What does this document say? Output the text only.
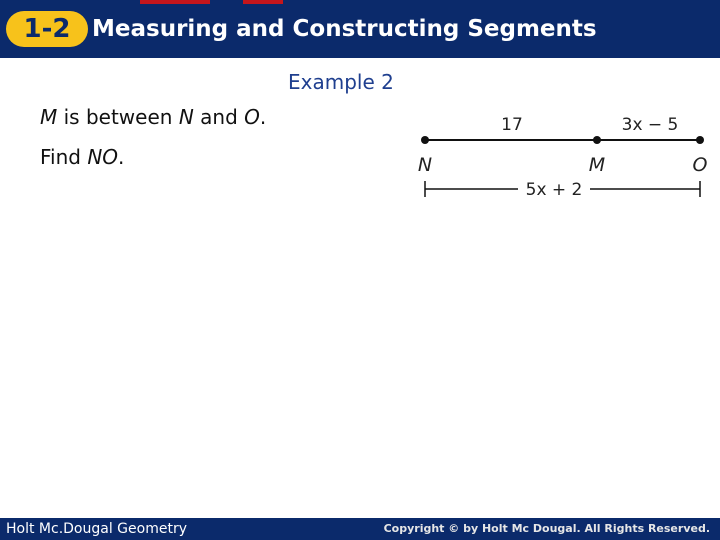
1-2 Measuring and Constructing Segments
Example 2
M is between N and O.
Find NO.
17	3x − 5
N	M	O
5x + 2
Holt Mc.Dougal Geometry	Copyright © by Holt Mc Dougal. All Rights Reserved.
